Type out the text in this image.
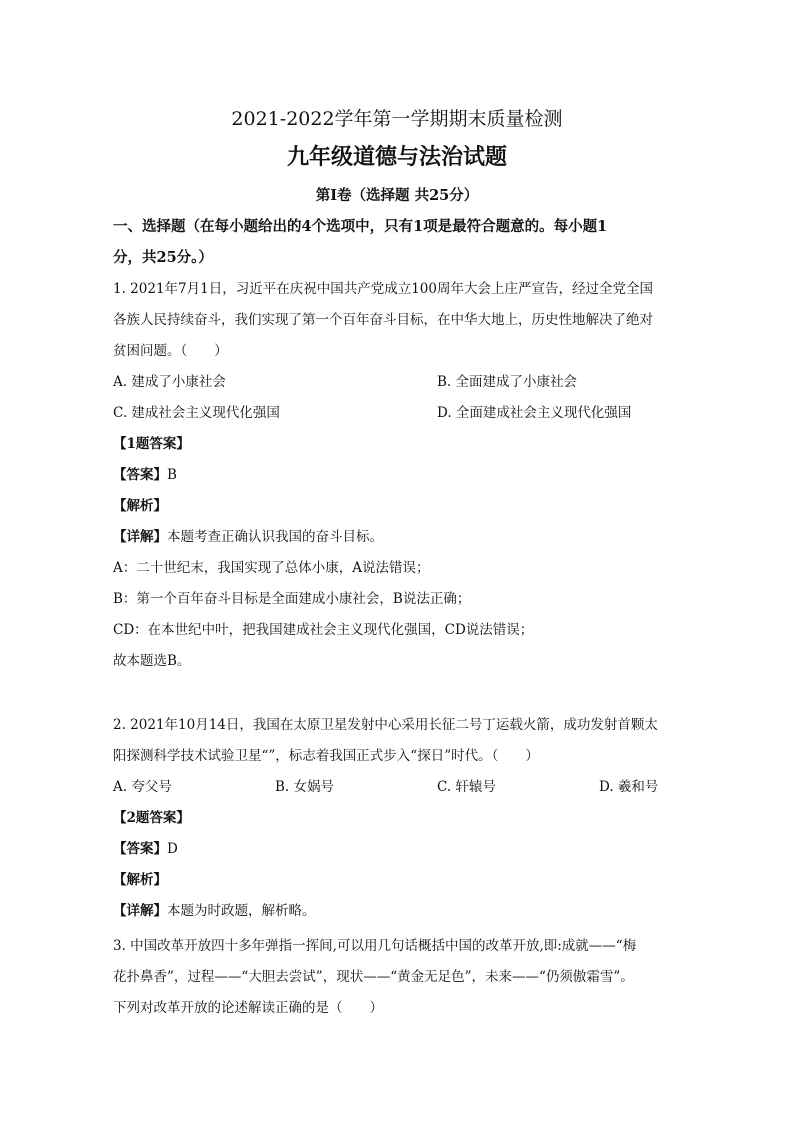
2021-2022学年第一学期期末质量检测
九年级道德与法治试题
第Ⅰ卷（选择题 共25分）
一、选择题（在每小题给出的4个选项中，只有1项是最符合题意的。每小题1
分，共25分。）
1. 2021年7月1日，习近平在庆祝中国共产党成立100周年大会上庄严宣告，经过全党全国
各族人民持续奋斗，我们实现了第一个百年奋斗目标，在中华大地上，历史性地解决了绝对
贫困问题。（　　）
A. 建成了小康社会	B. 全面建成了小康社会
C. 建成社会主义现代化强国	D. 全面建成社会主义现代化强国
【1题答案】
【答案】B
【解析】
【详解】本题考查正确认识我国的奋斗目标。
A：二十世纪末，我国实现了总体小康，A说法错误；
B：第一个百年奋斗目标是全面建成小康社会，B说法正确；
CD：在本世纪中叶，把我国建成社会主义现代化强国，CD说法错误；
故本题选B。
2. 2021年10月14日，我国在太原卫星发射中心采用长征二号丁运载火箭，成功发射首颗太
阳探测科学技术试验卫星“”，标志着我国正式步入“探日”时代。（　　）
A. 夸父号	B. 女娲号	C. 轩辕号	D. 羲和号
【2题答案】
【答案】D
【解析】
【详解】本题为时政题，解析略。
3. 中国改革开放四十多年弹指一挥间,可以用几句话概括中国的改革开放,即:成就——“梅
花扑鼻香”，过程——“大胆去尝试”，现状——“黄金无足色”，未来——“仍须傲霜雪”。
下列对改革开放的论述解读正确的是（　　）
